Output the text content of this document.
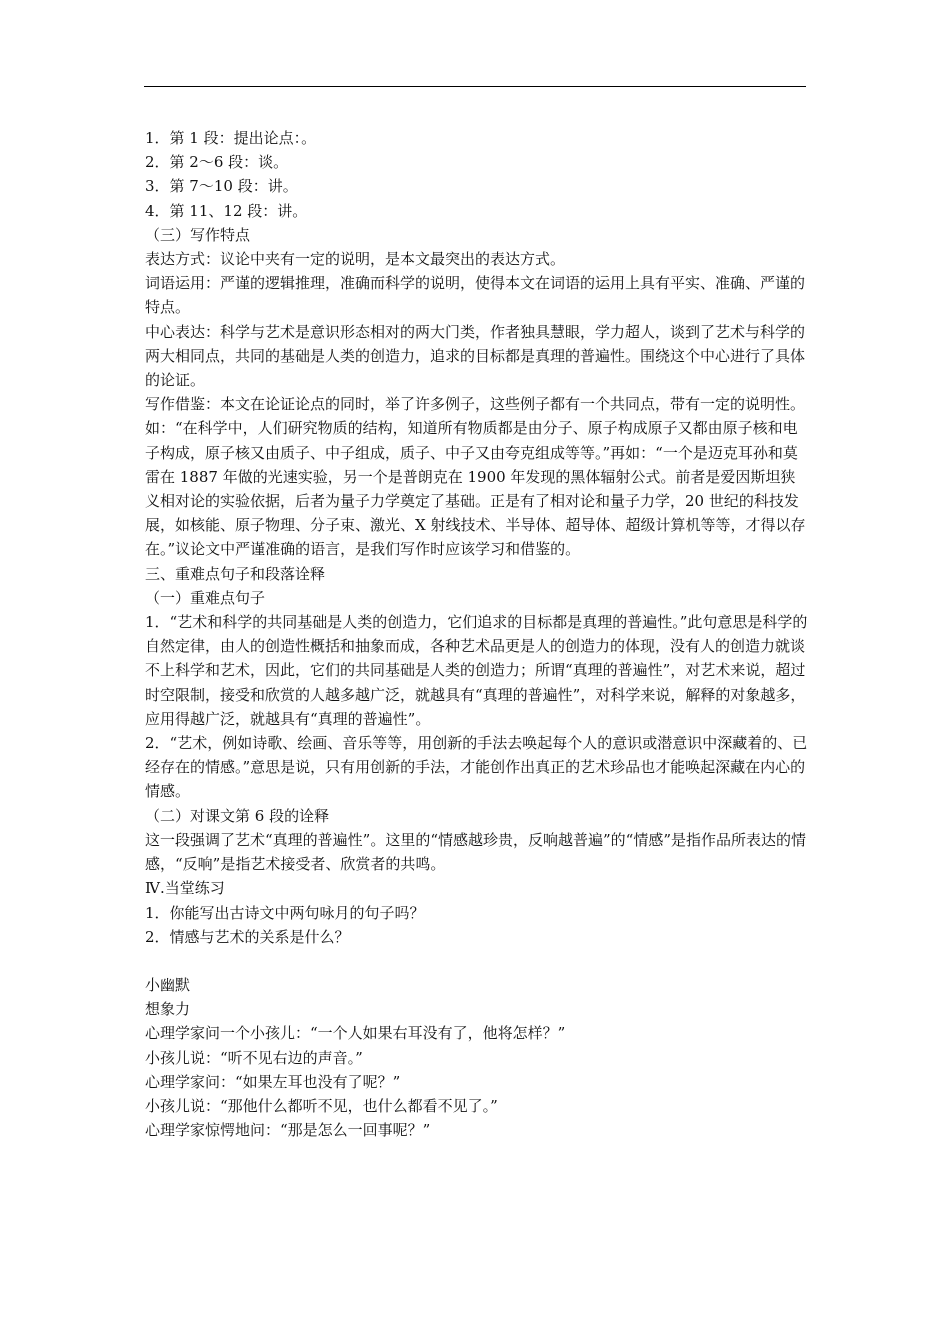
1．第 1 段：提出论点：。

2．第 2～6 段：谈。

3．第 7～10 段：讲。

4．第 11、12 段：讲。

（三）写作特点

表达方式：议论中夹有一定的说明，是本文最突出的表达方式。

词语运用：严谨的逻辑推理，准确而科学的说明，使得本文在词语的运用上具有平实、准确、严谨的特点。

中心表达：科学与艺术是意识形态相对的两大门类，作者独具慧眼，学力超人，谈到了艺术与科学的两大相同点，共同的基础是人类的创造力，追求的目标都是真理的普遍性。围绕这个中心进行了具体的论证。

写作借鉴：本文在论证论点的同时，举了许多例子，这些例子都有一个共同点，带有一定的说明性。如：“在科学中，人们研究物质的结构，知道所有物质都是由分子、原子构成原子又都由原子核和电子构成，原子核又由质子、中子组成，质子、中子又由夸克组成等等。”再如：“一个是迈克耳孙和莫雷在 1887 年做的光速实验，另一个是普朗克在 1900 年发现的黑体辐射公式。前者是爱因斯坦狭义相对论的实验依据，后者为量子力学奠定了基础。正是有了相对论和量子力学，20 世纪的科技发展，如核能、原子物理、分子束、激光、X 射线技术、半导体、超导体、超级计算机等等，才得以存在。”议论文中严谨准确的语言，是我们写作时应该学习和借鉴的。

三、重难点句子和段落诠释

（一）重难点句子

1．“艺术和科学的共同基础是人类的创造力，它们追求的目标都是真理的普遍性。”此句意思是科学的自然定律，由人的创造性概括和抽象而成，各种艺术品更是人的创造力的体现，没有人的创造力就谈不上科学和艺术，因此，它们的共同基础是人类的创造力；所谓“真理的普遍性”，对艺术来说，超过时空限制，接受和欣赏的人越多越广泛，就越具有“真理的普遍性”，对科学来说，解释的对象越多，应用得越广泛，就越具有“真理的普遍性”。

2．“艺术，例如诗歌、绘画、音乐等等，用创新的手法去唤起每个人的意识或潜意识中深藏着的、已经存在的情感。”意思是说，只有用创新的手法，才能创作出真正的艺术珍品也才能唤起深藏在内心的情感。

（二）对课文第 6 段的诠释

这一段强调了艺术“真理的普遍性”。这里的“情感越珍贵，反响越普遍”的“情感”是指作品所表达的情感，“反响”是指艺术接受者、欣赏者的共鸣。

Ⅳ.当堂练习

1．你能写出古诗文中两句咏月的句子吗？

2．情感与艺术的关系是什么？

小幽默

想象力

心理学家问一个小孩儿：“一个人如果右耳没有了，他将怎样？”

小孩儿说：“听不见右边的声音。”

心理学家问：“如果左耳也没有了呢？”

小孩儿说：“那他什么都听不见，也什么都看不见了。”

心理学家惊愕地问：“那是怎么一回事呢？”
